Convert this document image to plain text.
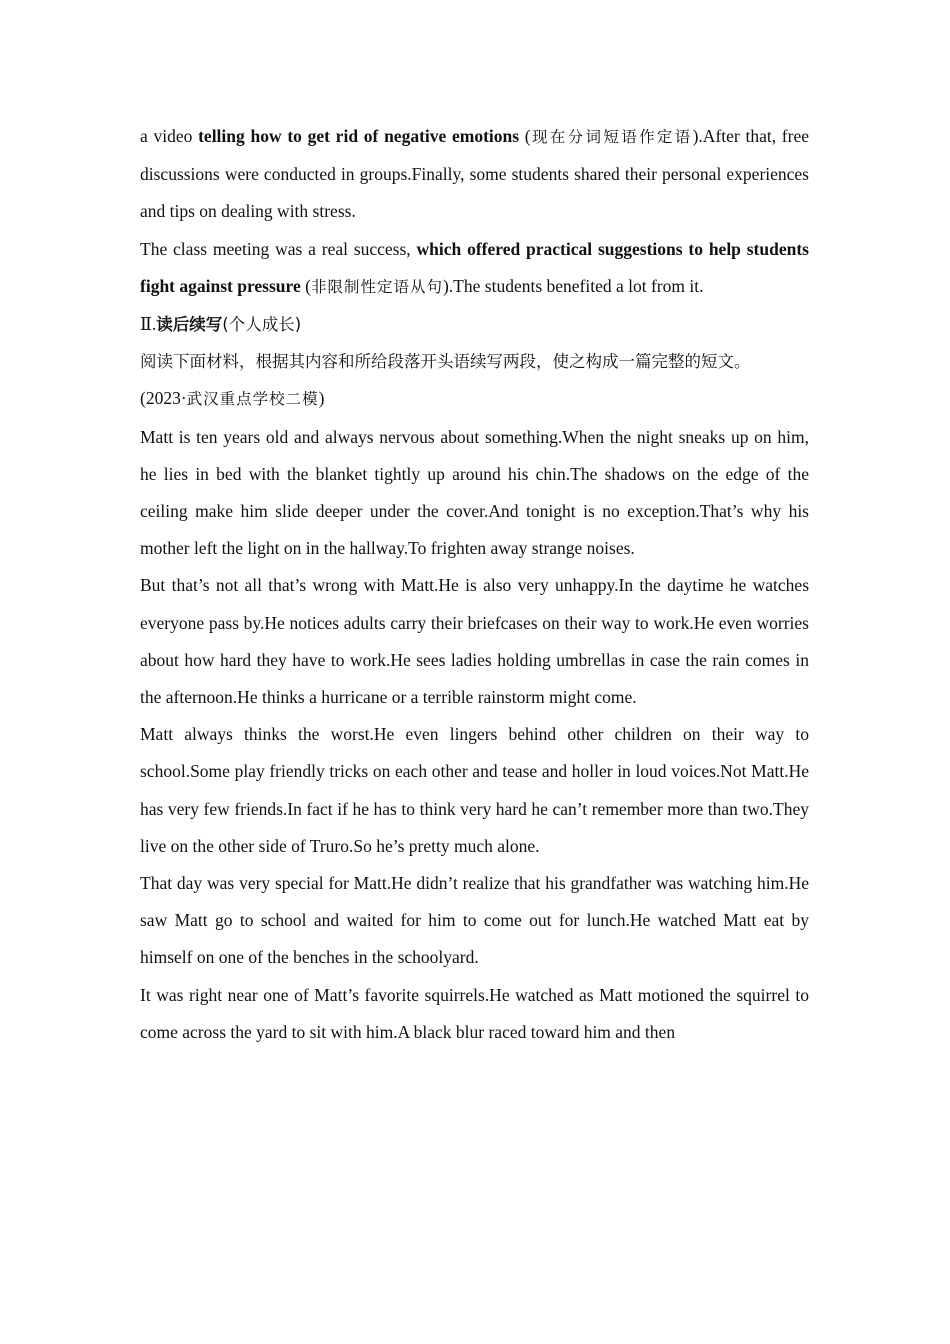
a video telling how to get rid of negative emotions (现在分词短语作定语).After that, free discussions were conducted in groups.Finally, some students shared their personal experiences and tips on dealing with stress.

The class meeting was a real success, which offered practical suggestions to help students fight against pressure (非限制性定语从句).The students benefited a lot from it.

Ⅱ.读后续写(个人成长)

阅读下面材料，根据其内容和所给段落开头语续写两段，使之构成一篇完整的短文。

(2023·武汉重点学校二模)

Matt is ten years old and always nervous about something.When the night sneaks up on him, he lies in bed with the blanket tightly up around his chin.The shadows on the edge of the ceiling make him slide deeper under the cover.And tonight is no exception.That’s why his mother left the light on in the hallway.To frighten away strange noises.

But that’s not all that’s wrong with Matt.He is also very unhappy.In the daytime he watches everyone pass by.He notices adults carry their briefcases on their way to work.He even worries about how hard they have to work.He sees ladies holding umbrellas in case the rain comes in the afternoon.He thinks a hurricane or a terrible rainstorm might come.

Matt always thinks the worst.He even lingers behind other children on their way to school.Some play friendly tricks on each other and tease and holler in loud voices.Not Matt.He has very few friends.In fact if he has to think very hard he can’t remember more than two.They live on the other side of Truro.So he’s pretty much alone.

That day was very special for Matt.He didn’t realize that his grandfather was watching him.He saw Matt go to school and waited for him to come out for lunch.He watched Matt eat by himself on one of the benches in the schoolyard.

It was right near one of Matt’s favorite squirrels.He watched as Matt motioned the squirrel to come across the yard to sit with him.A black blur raced toward him and then
